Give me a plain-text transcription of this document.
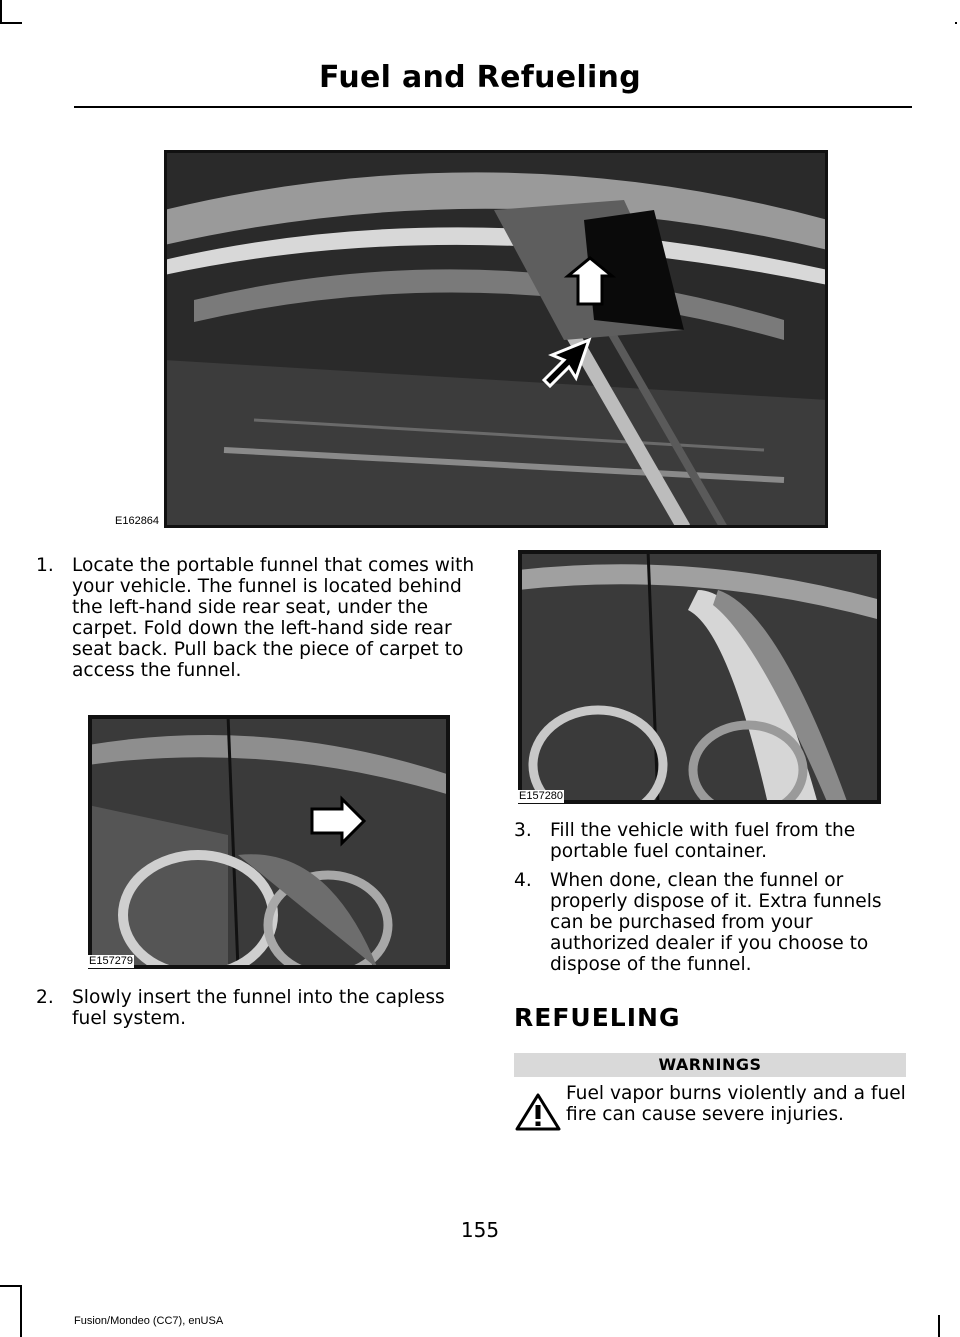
Fuel and Refueling
E162864
1. Locate the portable funnel that comes with your vehicle. The funnel is located behind the left-hand side rear seat, under the carpet. Fold down the left-hand side rear seat back. Pull back the piece of carpet to access the funnel.
E157279
2. Slowly insert the funnel into the capless fuel system.
E157280
3. Fill the vehicle with fuel from the portable fuel container.
4. When done, clean the funnel or properly dispose of it. Extra funnels can be purchased from your authorized dealer if you choose to dispose of the funnel.
REFUELING
WARNINGS
Fuel vapor burns violently and a fuel fire can cause severe injuries.
155
Fusion/Mondeo (CC7), enUSA
